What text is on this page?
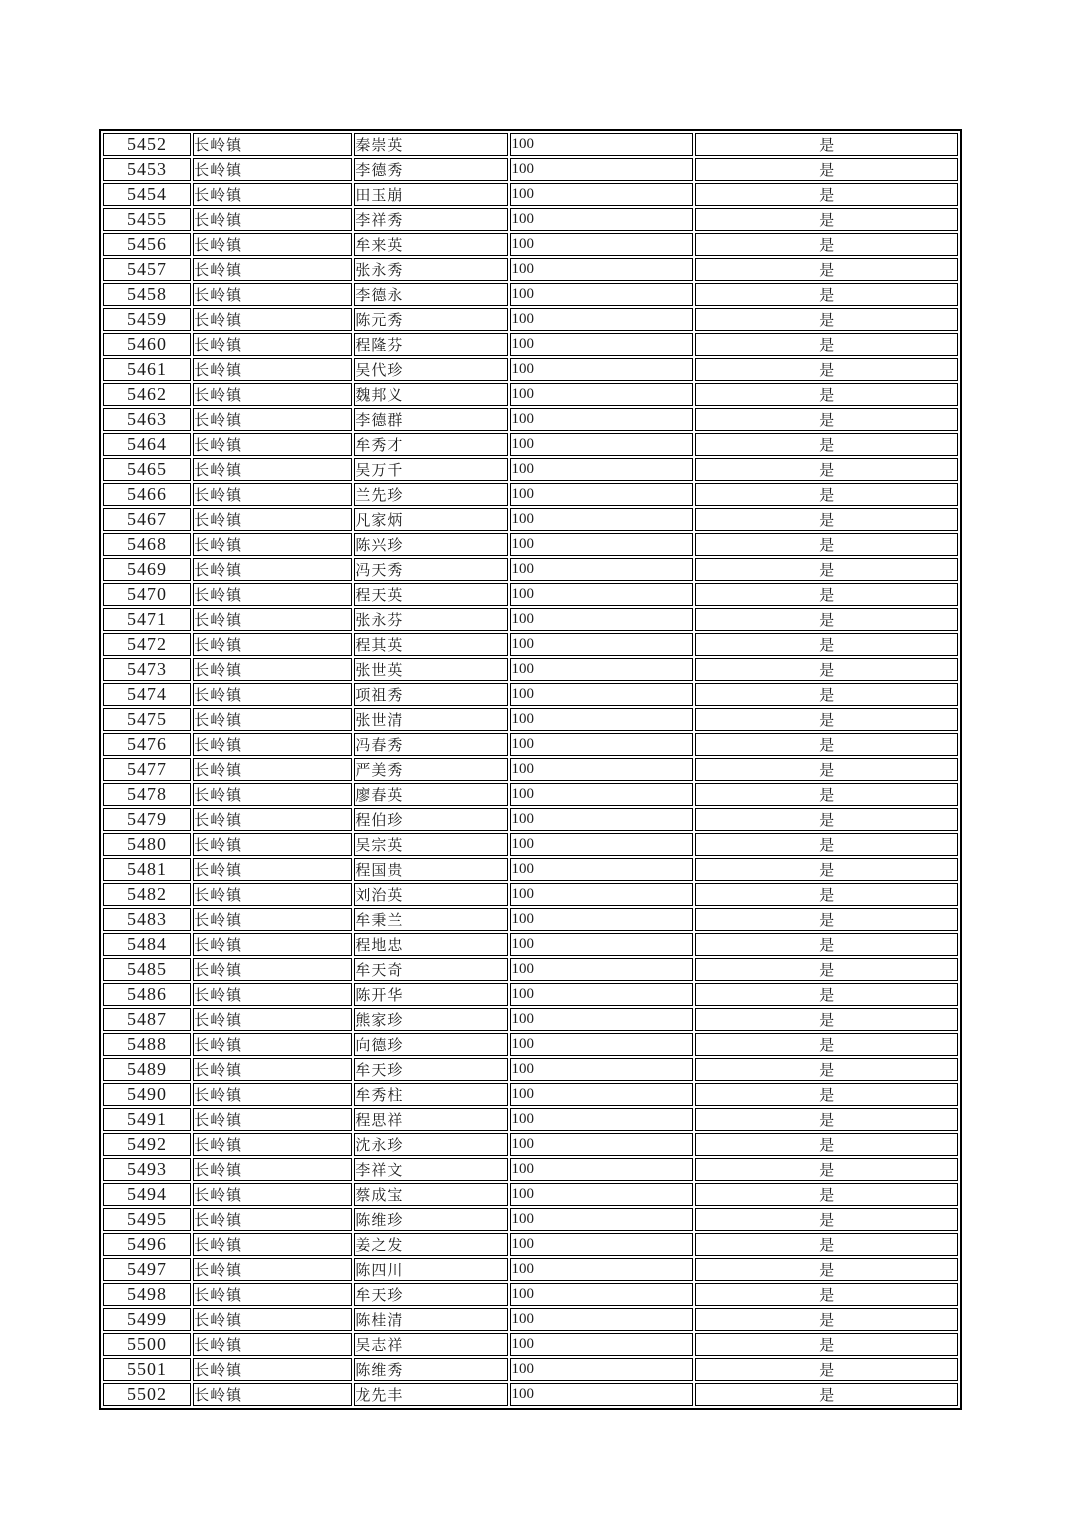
5452	长岭镇	秦崇英	100	是
5453	长岭镇	李德秀	100	是
5454	长岭镇	田玉崩	100	是
5455	长岭镇	李祥秀	100	是
5456	长岭镇	牟来英	100	是
5457	长岭镇	张永秀	100	是
5458	长岭镇	李德永	100	是
5459	长岭镇	陈元秀	100	是
5460	长岭镇	程隆芬	100	是
5461	长岭镇	吴代珍	100	是
5462	长岭镇	魏邦义	100	是
5463	长岭镇	李德群	100	是
5464	长岭镇	牟秀才	100	是
5465	长岭镇	吴万千	100	是
5466	长岭镇	兰先珍	100	是
5467	长岭镇	凡家炳	100	是
5468	长岭镇	陈兴珍	100	是
5469	长岭镇	冯天秀	100	是
5470	长岭镇	程天英	100	是
5471	长岭镇	张永芬	100	是
5472	长岭镇	程其英	100	是
5473	长岭镇	张世英	100	是
5474	长岭镇	项祖秀	100	是
5475	长岭镇	张世清	100	是
5476	长岭镇	冯春秀	100	是
5477	长岭镇	严美秀	100	是
5478	长岭镇	廖春英	100	是
5479	长岭镇	程伯珍	100	是
5480	长岭镇	吴宗英	100	是
5481	长岭镇	程国贵	100	是
5482	长岭镇	刘治英	100	是
5483	长岭镇	牟秉兰	100	是
5484	长岭镇	程地忠	100	是
5485	长岭镇	牟天奇	100	是
5486	长岭镇	陈开华	100	是
5487	长岭镇	熊家珍	100	是
5488	长岭镇	向德珍	100	是
5489	长岭镇	牟天珍	100	是
5490	长岭镇	牟秀柱	100	是
5491	长岭镇	程思祥	100	是
5492	长岭镇	沈永珍	100	是
5493	长岭镇	李祥文	100	是
5494	长岭镇	蔡成宝	100	是
5495	长岭镇	陈维珍	100	是
5496	长岭镇	姜之发	100	是
5497	长岭镇	陈四川	100	是
5498	长岭镇	牟天珍	100	是
5499	长岭镇	陈桂清	100	是
5500	长岭镇	吴志祥	100	是
5501	长岭镇	陈维秀	100	是
5502	长岭镇	龙先丰	100	是
